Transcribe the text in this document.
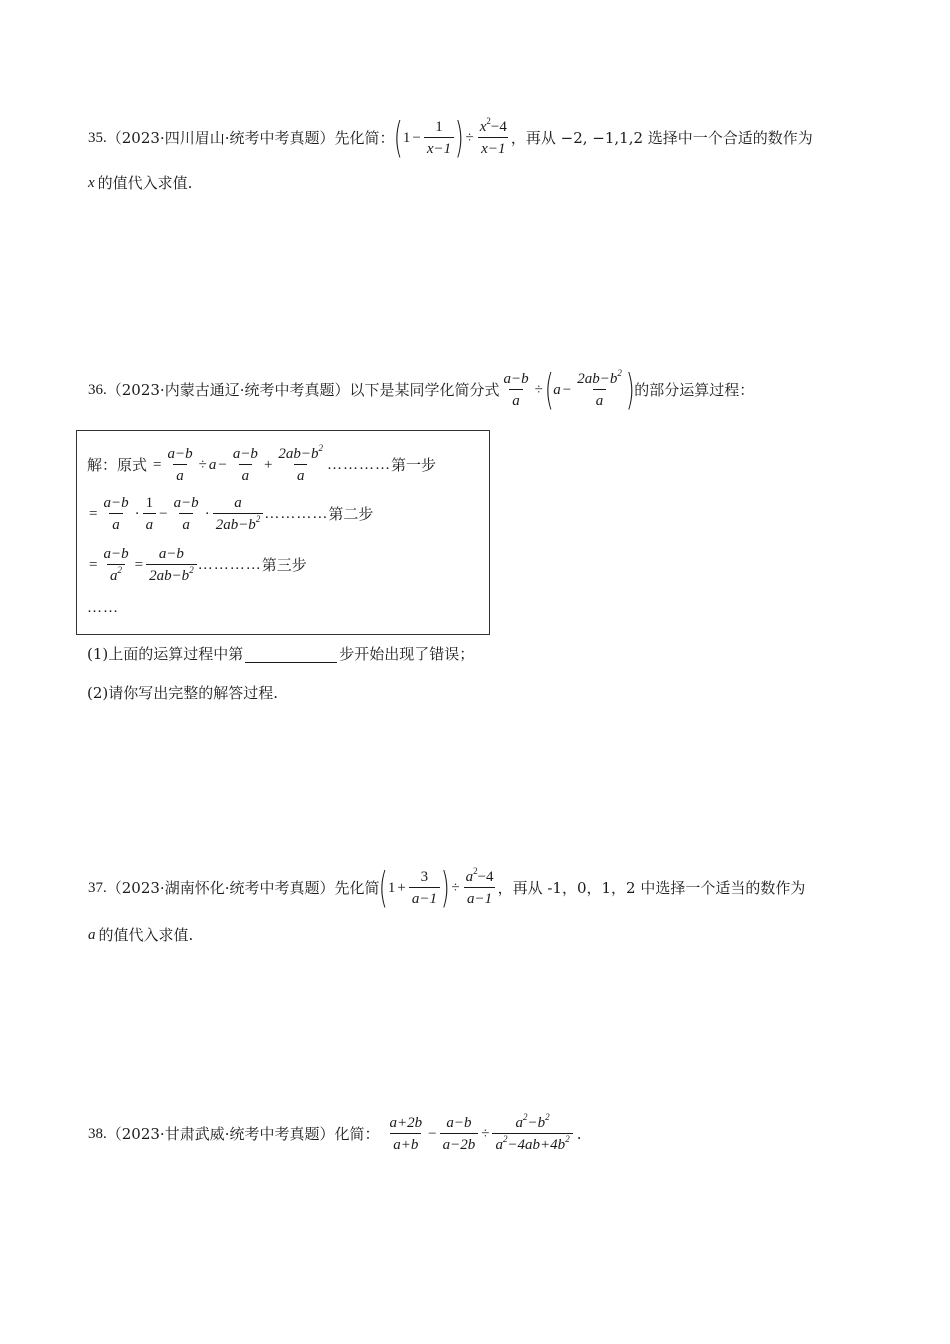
35. （2023·四川眉山·统考中考真题） 先化简： ( $1 - \frac{1}{x-1}$ ) ÷ $\frac{x^2-4}{x-1}$ ，再从 −2, −1,1,2 选择中一个合适的数作为
x 的值代入求值.
36. （2023·内蒙古通辽·统考中考真题） 以下是某同学化简分式 $\frac{a-b}{a}$ ÷ ( $a - \frac{2ab-b^2}{a}$ ) 的部分运算过程：
解：原式 = $\frac{a-b}{a} \div a - \frac{a-b}{a} + \frac{2ab-b^2}{a}$ ………… 第一步
= $\frac{a-b}{a} \cdot \frac{1}{a} - \frac{a-b}{a} \cdot \frac{a}{2ab-b^2}$ ………… 第二步
= $\frac{a-b}{a^2} = \frac{a-b}{2ab-b^2}$ ………… 第三步
……
(1)上面的运算过程中第	步开始出现了错误；
(2)请你写出完整的解答过程.
37. （2023·湖南怀化·统考中考真题） 先化简 ( $1 + \frac{3}{a-1}$ ) ÷ $\frac{a^2-4}{a-1}$ ，再从 -1，0，1，2 中选择一个适当的数作为
a 的值代入求值.
38. （2023·甘肃武威·统考中考真题） 化简： $\frac{a+2b}{a+b} - \frac{a-b}{a-2b} \div \frac{a^2-b^2}{a^2-4ab+4b^2}$ .
